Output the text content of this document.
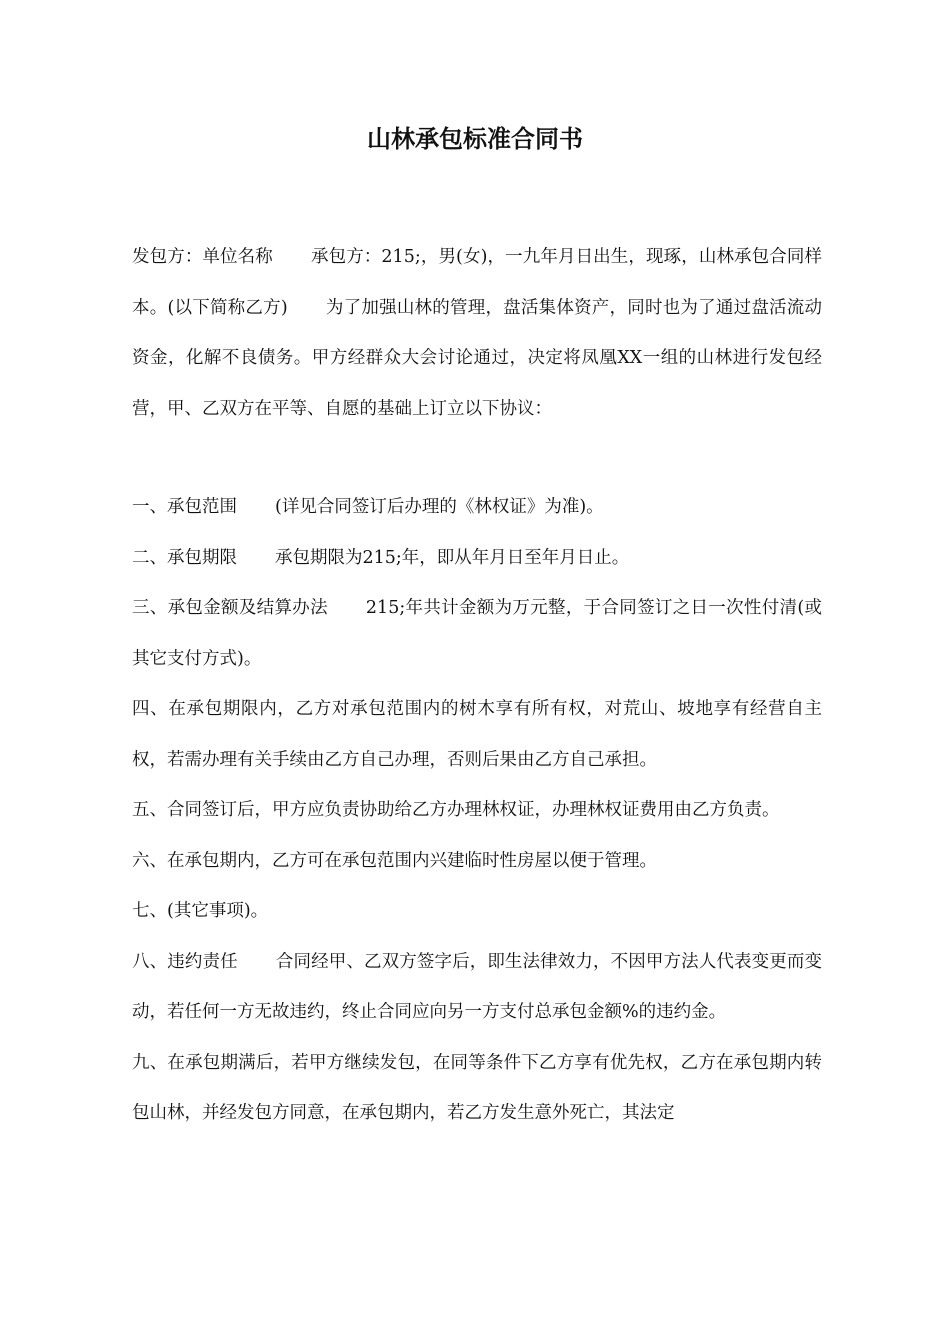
山林承包标准合同书
发包方：单位名称 承包方：215;，男(女)，一九年月日出生，现琢，山林承包合同样本。(以下简称乙方) 为了加强山林的管理，盘活集体资产，同时也为了通过盘活流动资金，化解不良债务。甲方经群众大会讨论通过，决定将凤凰XX一组的山林进行发包经营，甲、乙双方在平等、自愿的基础上订立以下协议：

一、承包范围 (详见合同签订后办理的《林权证》为准)。

二、承包期限 承包期限为215;年，即从年月日至年月日止。

三、承包金额及结算办法 215;年共计金额为万元整，于合同签订之日一次性付清(或其它支付方式)。

四、在承包期限内，乙方对承包范围内的树木享有所有权，对荒山、坡地享有经营自主权，若需办理有关手续由乙方自己办理，否则后果由乙方自己承担。

五、合同签订后，甲方应负责协助给乙方办理林权证，办理林权证费用由乙方负责。

六、在承包期内，乙方可在承包范围内兴建临时性房屋以便于管理。

七、(其它事项)。

八、违约责任 合同经甲、乙双方签字后，即生法律效力，不因甲方法人代表变更而变动，若任何一方无故违约，终止合同应向另一方支付总承包金额%的违约金。

九、在承包期满后，若甲方继续发包，在同等条件下乙方享有优先权，乙方在承包期内转包山林，并经发包方同意，在承包期内，若乙方发生意外死亡，其法定
